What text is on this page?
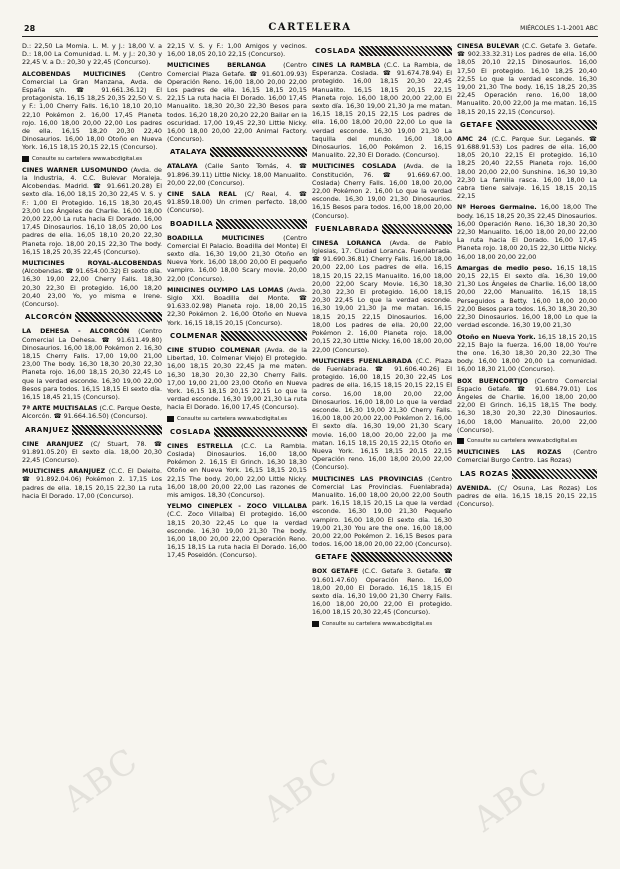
28	CARTELERA	MIÉRCOLES 1-1-2001 ABC
D.: 22,50 La Momia. L. M. y J.: 18,00 V. a D.: 18,00 La Comunidad. L. M. y J.: 20,30 y 22,45 V. a D.: 20,30 y 22,45 (Concurso).
ALCOBENDAS MULTICINES (Centro Comercial La Gran Manzana, Avda. de España s/n. ☎ 91.661.36.12) El protagonista. 16,15 18,25 20,35 22,50 V. S. y F.: 1,00 Cherry Falls. 16,10 18,10 20,10 22,10 Pokémon 2. 16,00 17,45 Planeta rojo. 16,00 18,00 20,00 22,00 Los padres de ella. 16,15 18,20 20,30 22,40 Dinosaurios. 16,00 18,00 Otoño en Nueva York. 16,15 18,15 20,15 22,15 (Concurso).
Consulte su cartelera www.abcdigital.es
CINES WARNER LUSOMUNDO (Avda. de la Industria, 4. C.C. Bulevar Moraleja. Alcobendas. Madrid. ☎ 91.661.20.28) El sexto día. 16,00 18,15 20,30 22,45 V. S. y F.: 1,00 El Protegido. 16,15 18,30 20,45 23,00 Los Ángeles de Charlie. 16,00 18,00 20,00 22,00 La ruta hacia El Dorado. 16,00 17,45 Dinosaurios. 16,10 18,05 20,00 Los padres de ella. 16,05 18,10 20,20 22,30 Planeta rojo. 18,00 20,15 22,30 The body. 16,15 18,25 20,35 22,45 (Concurso).
MULTICINES ROYAL-ALCOBENDAS (Alcobendas. ☎ 91.654.00.32) El sexto día. 16,30 19,00 22,00 Cherry Falls. 18,30 20,30 22,30 El protegido. 16,00 18,20 20,40 23,00 Yo, yo misma e Irene. (Concurso).
ALCORCÓN
LA DEHESA - ALCORCÓN (Centro Comercial La Dehesa. ☎ 91.611.49.80) Dinosaurios. 16,00 18,00 Pokémon 2. 16,30 18,15 Cherry Falls. 17,00 19,00 21,00 23,00 The body. 16,30 18,30 20,30 22,30 Planeta rojo. 16,00 18,15 20,30 22,45 Lo que la verdad esconde. 16,30 19,00 22,00 Besos para todos. 16,15 18,15 El sexto día. 16,15 18,45 21,15 (Concurso).
7ª ARTE MULTISALAS (C.C. Parque Oeste, Alcorcón. ☎ 91.664.16.50) (Concurso).
ARANJUEZ
CINE ARANJUEZ (C/ Stuart, 78. ☎ 91.891.05.20) El sexto día. 18,00 20,30 22,45 (Concurso).
MULTICINES ARANJUEZ (C.C. El Deleite. ☎ 91.892.04.06) Pokémon 2. 17,15 Los padres de ella. 18,15 20,15 22,30 La ruta hacia El Dorado. 17,00 (Concurso).
22,15 V. S. y F.: 1,00 Amigos y vecinos. 16,00 18,05 20,10 22,15 (Concurso).
MULTICINES BERLANGA	(Centro Comercial Plaza Getafe. ☎ 91.601.09.93) Operación Reno. 16,00 18,00 20,00 22,00 Los padres de ella. 16,15 18,15 20,15 22,15 La ruta hacia El Dorado. 16,00 17,45 Manualito. 18,30 20,30 22,30 Besos para todos. 16,20 18,20 20,20 22,20 Bailar en la oscuridad. 17,00 19,45 22,30 Little Nicky. 16,00 18,00 20,00 22,00 Animal Factory. (Concurso).
ATALAYA
ATALAYA (Calle Santo Tomás, 4. ☎ 91.896.39.11) Little Nicky. 18,00 Manualito. 20,00 22,00 (Concurso).
CINE SALA REAL (C/ Real, 4. ☎ 91.859.18.00) Un crimen perfecto. 18,00 (Concurso).
BOADILLA
BOADILLA MULTICINES	(Centro Comercial El Palacio. Boadilla del Monte) El sexto día. 16,30 19,00 21,30 Otoño en Nueva York. 16,00 18,00 20,00 El pequeño vampiro. 16,00 18,00 Scary movie. 20,00 22,00 (Concurso).
MINICINES OLYMPO LAS LOMAS (Avda. Siglo XXI. Boadilla del Monte. ☎ 91.633.02.98) Planeta rojo. 18,00 20,15 22,30 Pokémon 2. 16,00 Otoño en Nueva York. 16,15 18,15 20,15 (Concurso).
COLMENAR
CINE STUDIO COLMENAR (Avda. de la Libertad, 10. Colmenar Viejo) El protegido. 16,00 18,15 20,30 22,45 Ja me maten. 16,30 18,30 20,30 22,30 Cherry Falls. 17,00 19,00 21,00 23,00 Otoño en Nueva York. 16,15 18,15 20,15 22,15 Lo que la verdad esconde. 16,30 19,00 21,30 La ruta hacia El Dorado. 16,00 17,45 (Concurso).
Consulte su cartelera www.abcdigital.es
COSLADA
CINES ESTRELLA (C.C. La Rambla. Coslada) Dinosaurios. 16,00 18,00 Pokémon 2. 16,15 El Grinch. 16,30 18,30 Otoño en Nueva York. 16,15 18,15 20,15 22,15 The body. 20,00 22,00 Little Nicky. 16,00 18,00 20,00 22,00 Las razones de mis amigos. 18,30 (Concurso).
YELMO CINEPLEX - ZOCO VILLALBA (C.C. Zoco Villalba) El protegido. 16,00 18,15 20,30 22,45 Lo que la verdad esconde. 16,30 19,00 21,30 The body. 16,00 18,00 20,00 22,00 Operación Reno. 16,15 18,15 La ruta hacia El Dorado. 16,00 17,45 Poseidón. (Concurso).
COSLADA
CINES LA RAMBLA (C.C. La Rambla, de Esperanza. Coslada. ☎ 91.674.78.94) El protegido. 16,00 18,15 20,30 22,45 Manualito. 16,15 18,15 20,15 22,15 Planeta rojo. 16,00 18,00 20,00 22,00 El sexto día. 16,30 19,00 21,30 Ja me matan. 16,15 18,15 20,15 22,15 Los padres de ella. 16,00 18,00 20,00 22,00 Lo que la verdad esconde. 16,30 19,00 21,30 La taquilla del mundo. 16,00 18,00 Dinosaurios. 16,00 Pokémon 2. 16,15 Manualito. 22,30 El Dorado. (Concurso).
MULTICINES COSLADA (Avda. de la Constitución, 76. ☎ 91.669.67.00. Coslada) Cherry Falls. 16,00 18,00 20,00 22,00 Pokémon 2. 16,00 Lo que la verdad esconde. 16,30 19,00 21,30 Dinosaurios. 16,15 Besos para todos. 16,00 18,00 20,00 (Concurso).
FUENLABRADA
CINESA LORANCA (Avda. de Pablo Iglesias, 17. Ciudad Loranca. Fuenlabrada. ☎ 91.690.36.81) Cherry Falls. 16,00 18,00 20,00 22,00 Los padres de ella. 16,15 18,15 20,15 22,15 Manualito. 16,00 18,00 20,00 22,00 Scary Movie. 16,30 18,30 20,30 22,30 El protegido. 16,00 18,15 20,30 22,45 Lo que la verdad esconde. 16,30 19,00 21,30 Ja me matan. 16,15 18,15 20,15 22,15 Dinosaurios. 16,00 18,00 Los padres de ella. 20,00 22,00 Pokémon 2. 16,00 Planeta rojo. 18,00 20,15 22,30 Little Nicky. 16,00 18,00 20,00 22,00 (Concurso).
MULTICINES FUENLABRADA (C.C. Plaza de Fuenlabrada. ☎ 91.606.40.26) El protegido. 16,00 18,15 20,30 22,45 Los padres de ella. 16,15 18,15 20,15 22,15 El corso. 16,00 18,00 20,00 22,00 Dinosaurios. 16,00 18,00 Lo que la verdad esconde. 16,30 19,00 21,30 Cherry Falls. 16,00 18,00 20,00 22,00 Pokémon 2. 16,00 El sexto día. 16,30 19,00 21,30 Scary movie. 16,00 18,00 20,00 22,00 Ja me matan. 16,15 18,15 20,15 22,15 Otoño en Nueva York. 16,15 18,15 20,15 22,15 Operación reno. 16,00 18,00 20,00 22,00 (Concurso).
MULTICINES LAS PROVINCIAS (Centro Comercial Las Provincias. Fuenlabrada) Manualito. 16,00 18,00 20,00 22,00 South park. 16,15 18,15 20,15 La que la verdad esconde. 16,30 19,00 21,30 Pequeño vampiro. 16,00 18,00 El sexto día. 16,30 19,00 21,30 You are the one. 16,00 18,00 20,00 22,00 Pokémon 2. 16,15 Besos para todos. 16,00 18,00 20,00 22,00 (Concurso).
GETAFE
BOX GETAFE (C.C. Getafe 3. Getafe. ☎ 91.601.47.60) Operación Reno. 16,00 18,00 20,00 El Dorado. 16,15 18,15 El sexto día. 16,30 19,00 21,30 Cherry Falls. 16,00 18,00 20,00 22,00 El protegido. 16,00 18,15 20,30 22,45 (Concurso).
Consulte su cartelera www.abcdigital.es
CINESA BULEVAR (C.C. Getafe 3. Getafe. ☎ 902.33.32.31) Los padres de ella. 16,00 18,05 20,10 22,15 Dinosaurios. 16,00 17,50 El protegido. 16,10 18,25 20,40 22,55 Lo que la verdad esconde. 16,30 19,00 21,30 The body. 16,15 18,25 20,35 22,45 Operación reno. 16,00 18,00 Manualito. 20,00 22,00 Ja me matan. 16,15 18,15 20,15 22,15 (Concurso).
GETAFE
AMC 24 (C.C. Parque Sur. Leganés. ☎ 91.688.91.53) Los padres de ella. 16,00 18,05 20,10 22,15 El protegido. 16,10 18,25 20,40 22,55 Planeta rojo. 16,00 18,00 20,00 22,00 Sunshine. 16,30 19,30 22,30 La familia rasca. 16,00 18,00 La cabra tiene salvaje. 16,15 18,15 20,15 22,15
Nº Heroes Germaine. 16,00 18,00 The body. 16,15 18,25 20,35 22,45 Dinosaurios. 16,00 Operación Reno. 16,30 18,30 20,30 22,30 Manualito. 16,00 18,00 20,00 22,00 La ruta hacia El Dorado. 16,00 17,45 Planeta rojo. 18,00 20,15 22,30 Little Nicky. 16,00 18,00 20,00 22,00
Amargas de medio peso. 16,15 18,15 20,15 22,15 El sexto día. 16,30 19,00 21,30 Los Ángeles de Charlie. 16,00 18,00 20,00 22,00 Manualito. 16,15 18,15 Perseguidos a Betty. 16,00 18,00 20,00 22,00 Besos para todos. 16,30 18,30 20,30 22,30 Dinosaurios. 16,00 18,00 Lo que la verdad esconde. 16,30 19,00 21,30
Otoño en Nueva York. 16,15 18,15 20,15 22,15 Bajo la fuerza. 16,00 18,00 You're the one. 16,30 18,30 20,30 22,30 The body. 16,00 18,00 20,00 La comunidad. 16,00 18,30 21,00 (Concurso).
BOX BUENCORTIJO (Centro Comercial Espacio Getafe. ☎ 91.684.79.01) Los Ángeles de Charlie. 16,00 18,00 20,00 22,00 El Grinch. 16,15 18,15 The body. 16,30 18,30 20,30 22,30 Dinosaurios. 16,00 18,00 Manualito. 20,00 22,00 (Concurso).
Consulte su cartelera www.abcdigital.es
MULTICINES LAS ROZAS (Centro Comercial Burgo Centro. Las Rozas)
LAS ROZAS
AVENIDA. (C/ Osuna, Las Rozas) Los padres de ella. 16,15 18,15 20,15 22,15 (Concurso).
ABC	ABC	ABC
